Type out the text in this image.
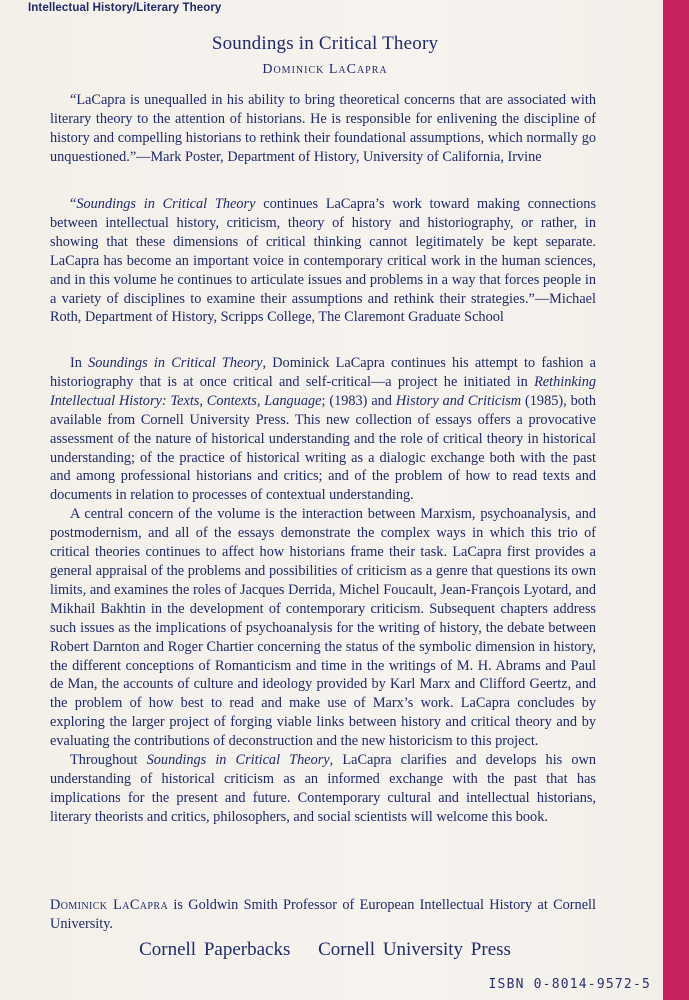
Intellectual History/Literary Theory
Soundings in Critical Theory
Dominick LaCapra

“LaCapra is unequalled in his ability to bring theoretical concerns that are associated with literary theory to the attention of historians. He is responsible for enlivening the discipline of history and compelling historians to rethink their foundational assumptions, which normally go unquestioned.”—Mark Poster, Department of History, University of California, Irvine

“Soundings in Critical Theory continues LaCapra’s work toward making connections between intellectual history, criticism, theory of history and historiography, or rather, in showing that these dimensions of critical thinking cannot legitimately be kept separate. LaCapra has become an important voice in contemporary critical work in the human sciences, and in this volume he continues to articulate issues and problems in a way that forces people in a variety of disciplines to examine their assumptions and rethink their strategies.”—Michael Roth, Department of History, Scripps College, The Claremont Graduate School

In Soundings in Critical Theory, Dominick LaCapra continues his attempt to fashion a historiography that is at once critical and self-critical—a project he initiated in Rethinking Intellectual History: Texts, Contexts, Language; (1983) and History and Criticism (1985), both available from Cornell University Press. This new collection of essays offers a provocative assessment of the nature of historical understanding and the role of critical theory in historical understanding; of the practice of historical writing as a dialogic exchange both with the past and among professional historians and critics; and of the problem of how to read texts and documents in relation to processes of contextual understanding.

A central concern of the volume is the interaction between Marxism, psychoanalysis, and postmodernism, and all of the essays demonstrate the complex ways in which this trio of critical theories continues to affect how historians frame their task. LaCapra first provides a general appraisal of the problems and possibilities of criticism as a genre that questions its own limits, and examines the roles of Jacques Derrida, Michel Foucault, Jean-François Lyotard, and Mikhail Bakhtin in the development of contemporary criticism. Subsequent chapters address such issues as the implications of psychoanalysis for the writing of history, the debate between Robert Darnton and Roger Chartier concerning the status of the symbolic dimension in history, the different conceptions of Romanticism and time in the writings of M. H. Abrams and Paul de Man, the accounts of culture and ideology provided by Karl Marx and Clifford Geertz, and the problem of how best to read and make use of Marx’s work. LaCapra concludes by exploring the larger project of forging viable links between history and critical theory and by evaluating the contributions of deconstruction and the new historicism to this project.

Throughout Soundings in Critical Theory, LaCapra clarifies and develops his own understanding of historical criticism as an informed exchange with the past that has implications for the present and future. Contemporary cultural and intellectual historians, literary theorists and critics, philosophers, and social scientists will welcome this book.

Dominick LaCapra is Goldwin Smith Professor of European Intellectual History at Cornell University.

Cornell Paperbacks Cornell University Press
ISBN 0-8014-9572-5
